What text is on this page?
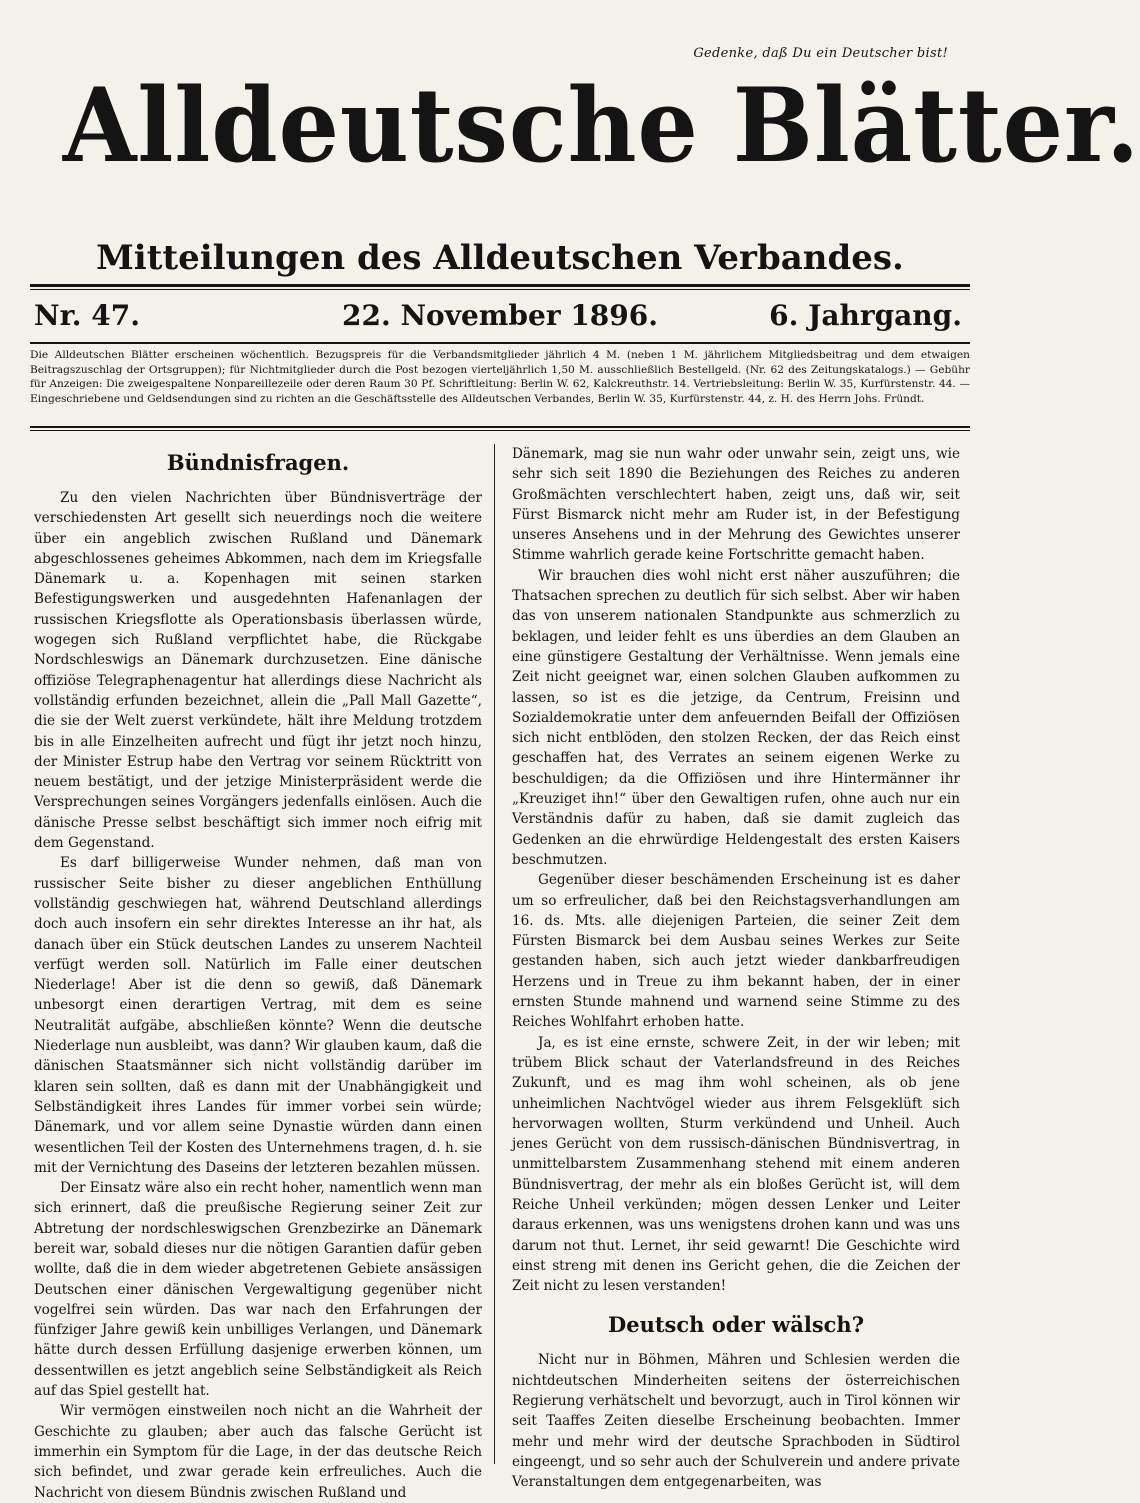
Gedenke, daß Du ein Deutscher bist!
Alldeutsche Blätter.
Mitteilungen des Alldeutschen Verbandes.
22. November 1896.
Nr. 47.	6. Jahrgang.

Die Alldeutschen Blätter erscheinen wöchentlich. Bezugspreis für die Verbandsmitglieder jährlich 4 M. (neben 1 M. jährlichem Mitgliedsbeitrag und dem etwaigen Beitragszuschlag der Ortsgruppen); für Nichtmitglieder durch die Post bezogen vierteljährlich 1,50 M. ausschließlich Bestellgeld. (Nr. 62 des Zeitungskatalogs.) — Gebühr für Anzeigen: Die zweigespaltene Nonpareillezeile oder deren Raum 30 Pf. Schriftleitung: Berlin W. 62, Kalckreuthstr. 14. Vertriebsleitung: Berlin W. 35, Kurfürstenstr. 44. — Eingeschriebene und Geldsendungen sind zu richten an die Geschäftsstelle des Alldeutschen Verbandes, Berlin W. 35, Kurfürstenstr. 44, z. H. des Herrn Johs. Fründt.

Bündnisfragen.

Zu den vielen Nachrichten über Bündnisverträge der verschiedensten Art gesellt sich neuerdings noch die weitere über ein angeblich zwischen Rußland und Dänemark abgeschlossenes geheimes Abkommen, nach dem im Kriegsfalle Dänemark u. a. Kopenhagen mit seinen starken Befestigungswerken und ausgedehnten Hafenanlagen der russischen Kriegsflotte als Operationsbasis überlassen würde, wogegen sich Rußland verpflichtet habe, die Rückgabe Nordschleswigs an Dänemark durchzusetzen. Eine dänische offiziöse Telegraphenagentur hat allerdings diese Nachricht als vollständig erfunden bezeichnet, allein die „Pall Mall Gazette“, die sie der Welt zuerst verkündete, hält ihre Meldung trotzdem bis in alle Einzelheiten aufrecht und fügt ihr jetzt noch hinzu, der Minister Estrup habe den Vertrag vor seinem Rücktritt von neuem bestätigt, und der jetzige Ministerpräsident werde die Versprechungen seines Vorgängers jedenfalls einlösen. Auch die dänische Presse selbst beschäftigt sich immer noch eifrig mit dem Gegenstand.

Es darf billigerweise Wunder nehmen, daß man von russischer Seite bisher zu dieser angeblichen Enthüllung vollständig geschwiegen hat, während Deutschland allerdings doch auch insofern ein sehr direktes Interesse an ihr hat, als danach über ein Stück deutschen Landes zu unserem Nachteil verfügt werden soll. Natürlich im Falle einer deutschen Niederlage! Aber ist die denn so gewiß, daß Dänemark unbesorgt einen derartigen Vertrag, mit dem es seine Neutralität aufgäbe, abschließen könnte? Wenn die deutsche Niederlage nun ausbleibt, was dann? Wir glauben kaum, daß die dänischen Staatsmänner sich nicht vollständig darüber im klaren sein sollten, daß es dann mit der Unabhängigkeit und Selbständigkeit ihres Landes für immer vorbei sein würde; Dänemark, und vor allem seine Dynastie würden dann einen wesentlichen Teil der Kosten des Unternehmens tragen, d. h. sie mit der Vernichtung des Daseins der letzteren bezahlen müssen.

Der Einsatz wäre also ein recht hoher, namentlich wenn man sich erinnert, daß die preußische Regierung seiner Zeit zur Abtretung der nordschleswigschen Grenzbezirke an Dänemark bereit war, sobald dieses nur die nötigen Garantien dafür geben wollte, daß die in dem wieder abgetretenen Gebiete ansässigen Deutschen einer dänischen Vergewaltigung gegenüber nicht vogelfrei sein würden. Das war nach den Erfahrungen der fünfziger Jahre gewiß kein unbilliges Verlangen, und Dänemark hätte durch dessen Erfüllung dasjenige erwerben können, um dessentwillen es jetzt angeblich seine Selbständigkeit als Reich auf das Spiel gestellt hat.

Wir vermögen einstweilen noch nicht an die Wahrheit der Geschichte zu glauben; aber auch das falsche Gerücht ist immerhin ein Symptom für die Lage, in der das deutsche Reich sich befindet, und zwar gerade kein erfreuliches. Auch die Nachricht von diesem Bündnis zwischen Rußland und

Dänemark, mag sie nun wahr oder unwahr sein, zeigt uns, wie sehr sich seit 1890 die Beziehungen des Reiches zu anderen Großmächten verschlechtert haben, zeigt uns, daß wir, seit Fürst Bismarck nicht mehr am Ruder ist, in der Befestigung unseres Ansehens und in der Mehrung des Gewichtes unserer Stimme wahrlich gerade keine Fortschritte gemacht haben.

Wir brauchen dies wohl nicht erst näher auszuführen; die Thatsachen sprechen zu deutlich für sich selbst. Aber wir haben das von unserem nationalen Standpunkte aus schmerzlich zu beklagen, und leider fehlt es uns überdies an dem Glauben an eine günstigere Gestaltung der Verhältnisse. Wenn jemals eine Zeit nicht geeignet war, einen solchen Glauben aufkommen zu lassen, so ist es die jetzige, da Centrum, Freisinn und Sozialdemokratie unter dem anfeuernden Beifall der Offiziösen sich nicht entblöden, den stolzen Recken, der das Reich einst geschaffen hat, des Verrates an seinem eigenen Werke zu beschuldigen; da die Offiziösen und ihre Hintermänner ihr „Kreuziget ihn!“ über den Gewaltigen rufen, ohne auch nur ein Verständnis dafür zu haben, daß sie damit zugleich das Gedenken an die ehrwürdige Heldengestalt des ersten Kaisers beschmutzen.

Gegenüber dieser beschämenden Erscheinung ist es daher um so erfreulicher, daß bei den Reichstagsverhandlungen am 16. ds. Mts. alle diejenigen Parteien, die seiner Zeit dem Fürsten Bismarck bei dem Ausbau seines Werkes zur Seite gestanden haben, sich auch jetzt wieder dankbarfreudigen Herzens und in Treue zu ihm bekannt haben, der in einer ernsten Stunde mahnend und warnend seine Stimme zu des Reiches Wohlfahrt erhoben hatte.

Ja, es ist eine ernste, schwere Zeit, in der wir leben; mit trübem Blick schaut der Vaterlandsfreund in des Reiches Zukunft, und es mag ihm wohl scheinen, als ob jene unheimlichen Nachtvögel wieder aus ihrem Felsgeklüft sich hervorwagen wollten, Sturm verkündend und Unheil. Auch jenes Gerücht von dem russisch-dänischen Bündnisvertrag, in unmittelbarstem Zusammenhang stehend mit einem anderen Bündnisvertrag, der mehr als ein bloßes Gerücht ist, will dem Reiche Unheil verkünden; mögen dessen Lenker und Leiter daraus erkennen, was uns wenigstens drohen kann und was uns darum not thut. Lernet, ihr seid gewarnt! Die Geschichte wird einst streng mit denen ins Gericht gehen, die die Zeichen der Zeit nicht zu lesen verstanden!

Deutsch oder wälsch?

Nicht nur in Böhmen, Mähren und Schlesien werden die nichtdeutschen Minderheiten seitens der österreichischen Regierung verhätschelt und bevorzugt, auch in Tirol können wir seit Taaffes Zeiten dieselbe Erscheinung beobachten. Immer mehr und mehr wird der deutsche Sprachboden in Südtirol eingeengt, und so sehr auch der Schulverein und andere private Veranstaltungen dem entgegenarbeiten, was
